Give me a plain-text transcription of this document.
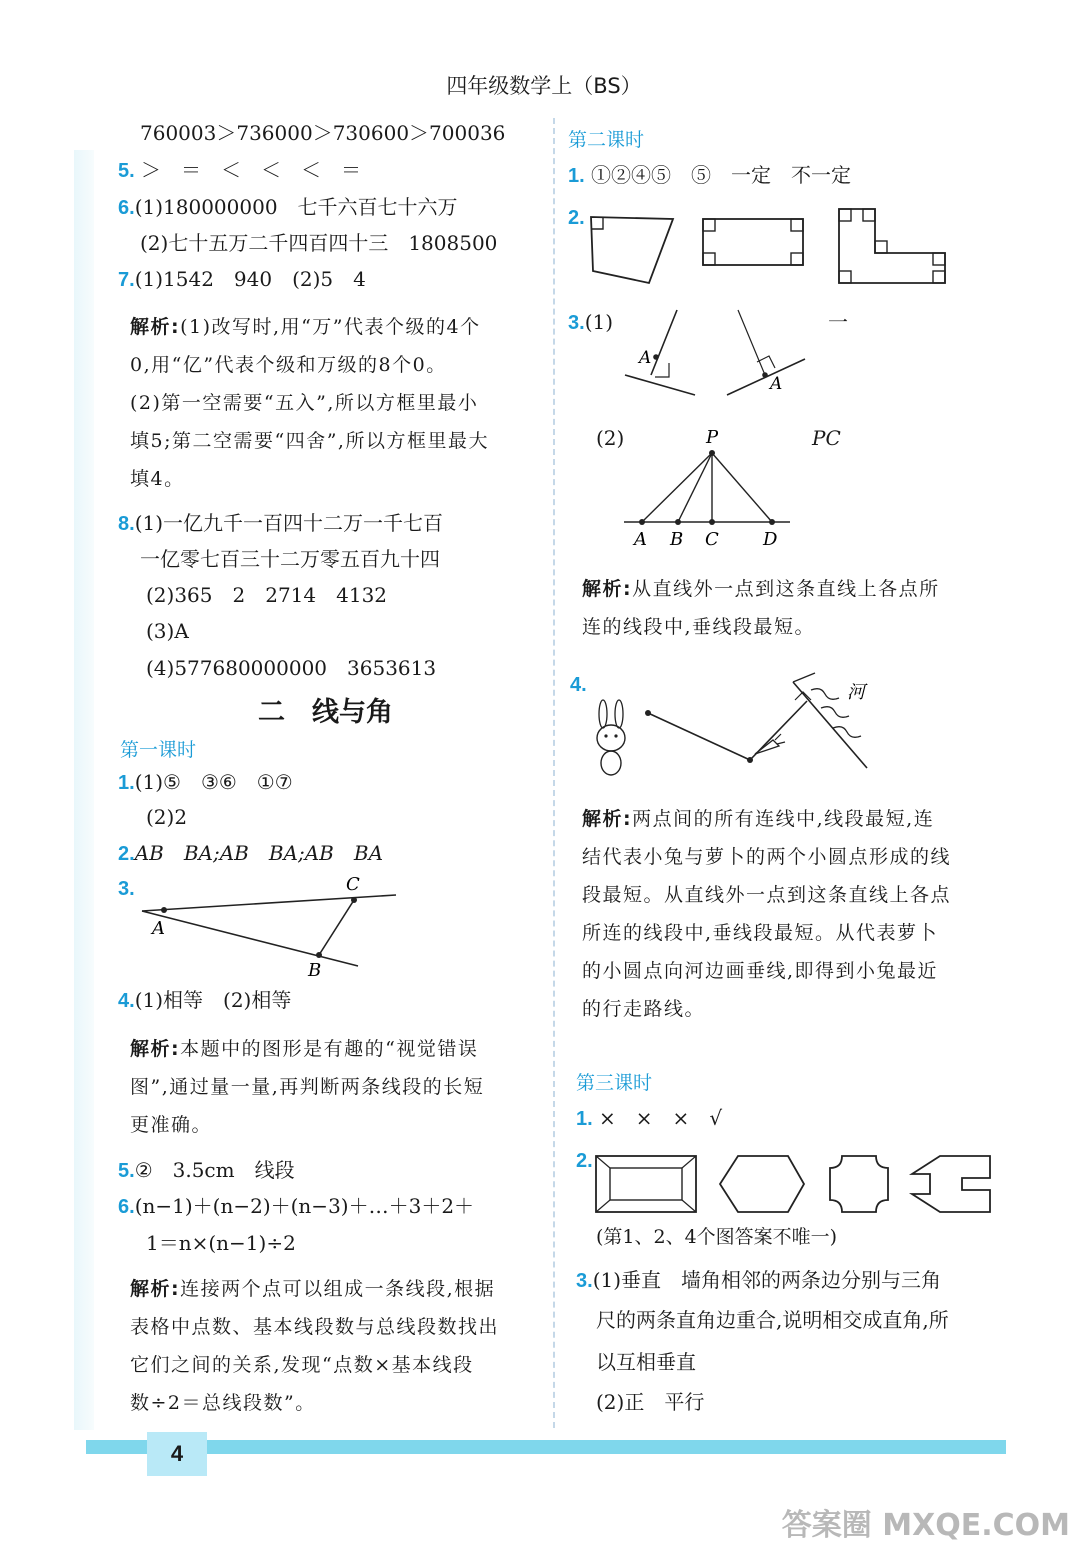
四年级数学上（BS）
760003＞736000＞730600＞700036
5. ＞　＝　＜　＜　＜　＝
6.(1)180000000　七千六百七十六万
(2)七十五万二千四百四十三　1808500
7.(1)1542　940　(2)5　4
解析:(1)改写时,用“万”代表个级的4个
0,用“亿”代表个级和万级的8个0。
(2)第一空需要“五入”,所以方框里最小
填5;第二空需要“四舍”,所以方框里最大
填4。
8.(1)一亿九千一百四十二万一千七百
一亿零七百三十二万零五百九十四
(2)365　2　2714　4132
(3)A
(4)577680000000　3653613
二　线与角
第一课时
1.(1)⑤　③⑥　①⑦
(2)2
2.AB　BA;AB　BA;AB　BA
3.
A
C
B
4.(1)相等　(2)相等
解析:本题中的图形是有趣的“视觉错误
图”,通过量一量,再判断两条线段的长短
更准确。
5.②　3.5cm　线段
6.(n−1)＋(n−2)＋(n−3)＋…＋3＋2＋
1＝n×(n−1)÷2
解析:连接两个点可以组成一条线段,根据
表格中点数、基本线段数与总线段数找出
它们之间的关系,发现“点数×基本线段
数÷2＝总线段数”。
第二课时
1. ①②④⑤　⑤　一定　不一定
2.
3.(1)	一
A
A
(2)	PC
P
A B C D
解析:从直线外一点到这条直线上各点所
连的线段中,垂线段最短。
4.	河
解析:两点间的所有连线中,线段最短,连
结代表小兔与萝卜的两个小圆点形成的线
段最短。从直线外一点到这条直线上各点
所连的线段中,垂线段最短。从代表萝卜
的小圆点向河边画垂线,即得到小兔最近
的行走路线。
第三课时
1. ×　×　×　√
2.
(第1、2、4个图答案不唯一)
3.(1)垂直　墙角相邻的两条边分别与三角
尺的两条直角边重合,说明相交成直角,所
以互相垂直
(2)正　平行
4
答案圈 MXQE.COM
